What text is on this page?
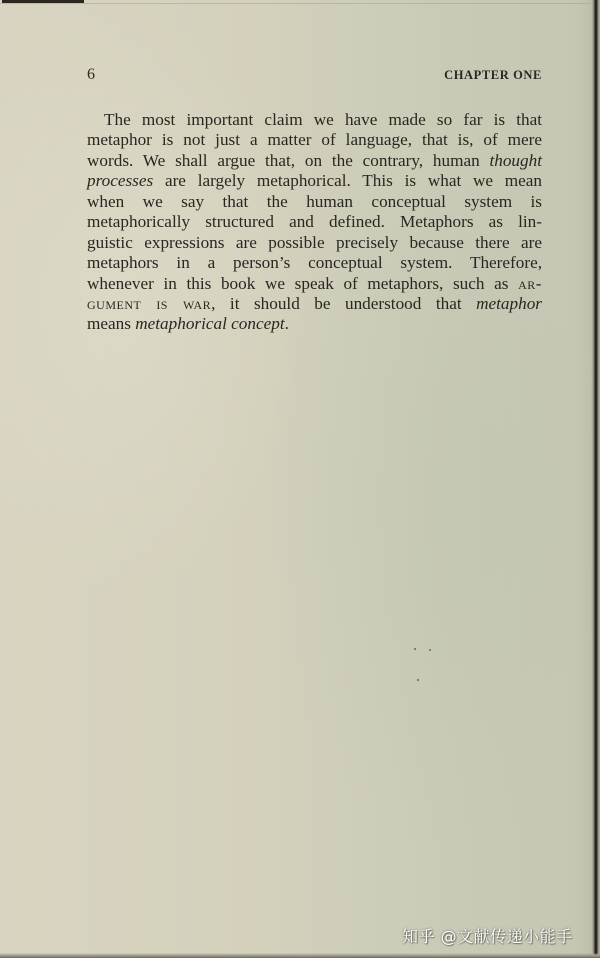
6	CHAPTER ONE
The most important claim we have made so far is that
metaphor is not just a matter of language, that is, of mere
words. We shall argue that, on the contrary, human thought
processes are largely metaphorical. This is what we mean
when we say that the human conceptual system is
metaphorically structured and defined. Metaphors as lin-
guistic expressions are possible precisely because there are
metaphors in a person’s conceptual system. Therefore,
whenever in this book we speak of metaphors, such as ar-
gument is war, it should be understood that metaphor
means metaphorical concept.
知乎 @文献传递小能手
